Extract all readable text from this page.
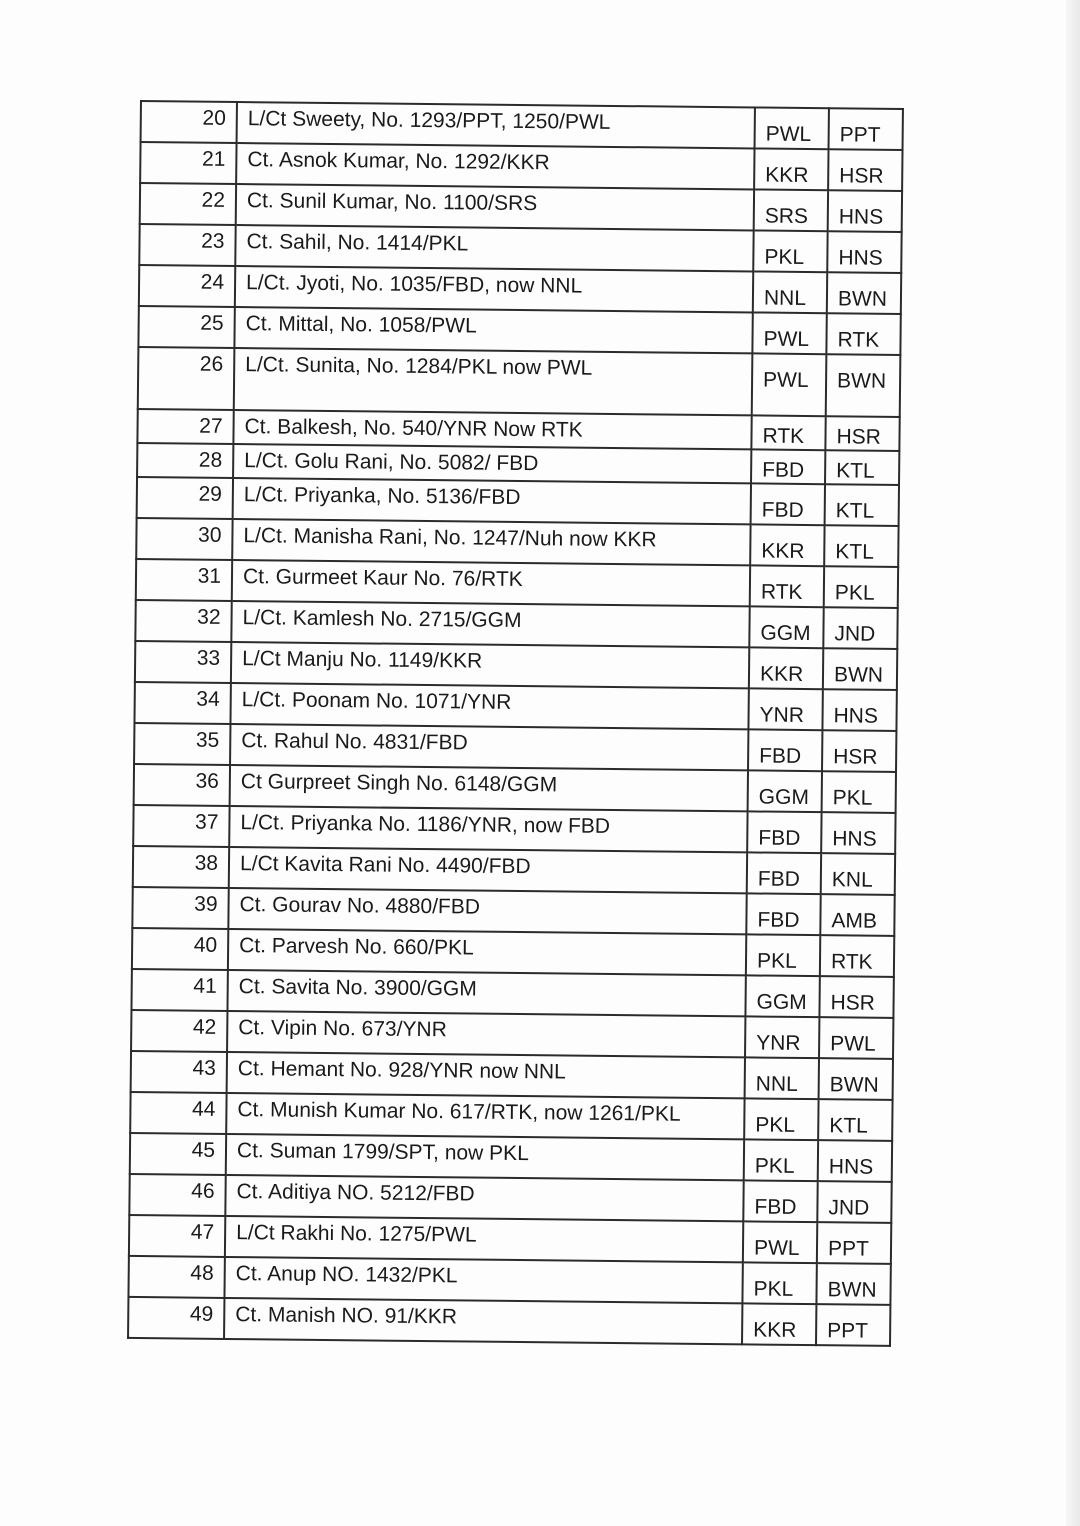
20	L/Ct Sweety, No. 1293/PPT, 1250/PWL	PWL	PPT
21	Ct. Asnok Kumar, No. 1292/KKR	KKR	HSR
22	Ct. Sunil Kumar, No. 1100/SRS	SRS	HNS
23	Ct. Sahil, No. 1414/PKL	PKL	HNS
24	L/Ct. Jyoti, No. 1035/FBD, now NNL	NNL	BWN
25	Ct. Mittal, No. 1058/PWL	PWL	RTK
26	L/Ct. Sunita, No. 1284/PKL now PWL	PWL	BWN
27	Ct. Balkesh, No. 540/YNR Now RTK	RTK	HSR
28	L/Ct. Golu Rani, No. 5082/ FBD	FBD	KTL
29	L/Ct. Priyanka, No. 5136/FBD	FBD	KTL
30	L/Ct. Manisha Rani, No. 1247/Nuh now KKR	KKR	KTL
31	Ct. Gurmeet Kaur No. 76/RTK	RTK	PKL
32	L/Ct. Kamlesh No. 2715/GGM	GGM	JND
33	L/Ct Manju No. 1149/KKR	KKR	BWN
34	L/Ct. Poonam No. 1071/YNR	YNR	HNS
35	Ct. Rahul No. 4831/FBD	FBD	HSR
36	Ct Gurpreet Singh No. 6148/GGM	GGM	PKL
37	L/Ct. Priyanka No. 1186/YNR, now FBD	FBD	HNS
38	L/Ct Kavita Rani No. 4490/FBD	FBD	KNL
39	Ct. Gourav No. 4880/FBD	FBD	AMB
40	Ct. Parvesh No. 660/PKL	PKL	RTK
41	Ct. Savita No. 3900/GGM	GGM	HSR
42	Ct. Vipin No. 673/YNR	YNR	PWL
43	Ct. Hemant No. 928/YNR now NNL	NNL	BWN
44	Ct. Munish Kumar No. 617/RTK, now 1261/PKL	PKL	KTL
45	Ct. Suman 1799/SPT, now PKL	PKL	HNS
46	Ct. Aditiya NO. 5212/FBD	FBD	JND
47	L/Ct Rakhi No. 1275/PWL	PWL	PPT
48	Ct. Anup NO. 1432/PKL	PKL	BWN
49	Ct. Manish NO. 91/KKR	KKR	PPT
